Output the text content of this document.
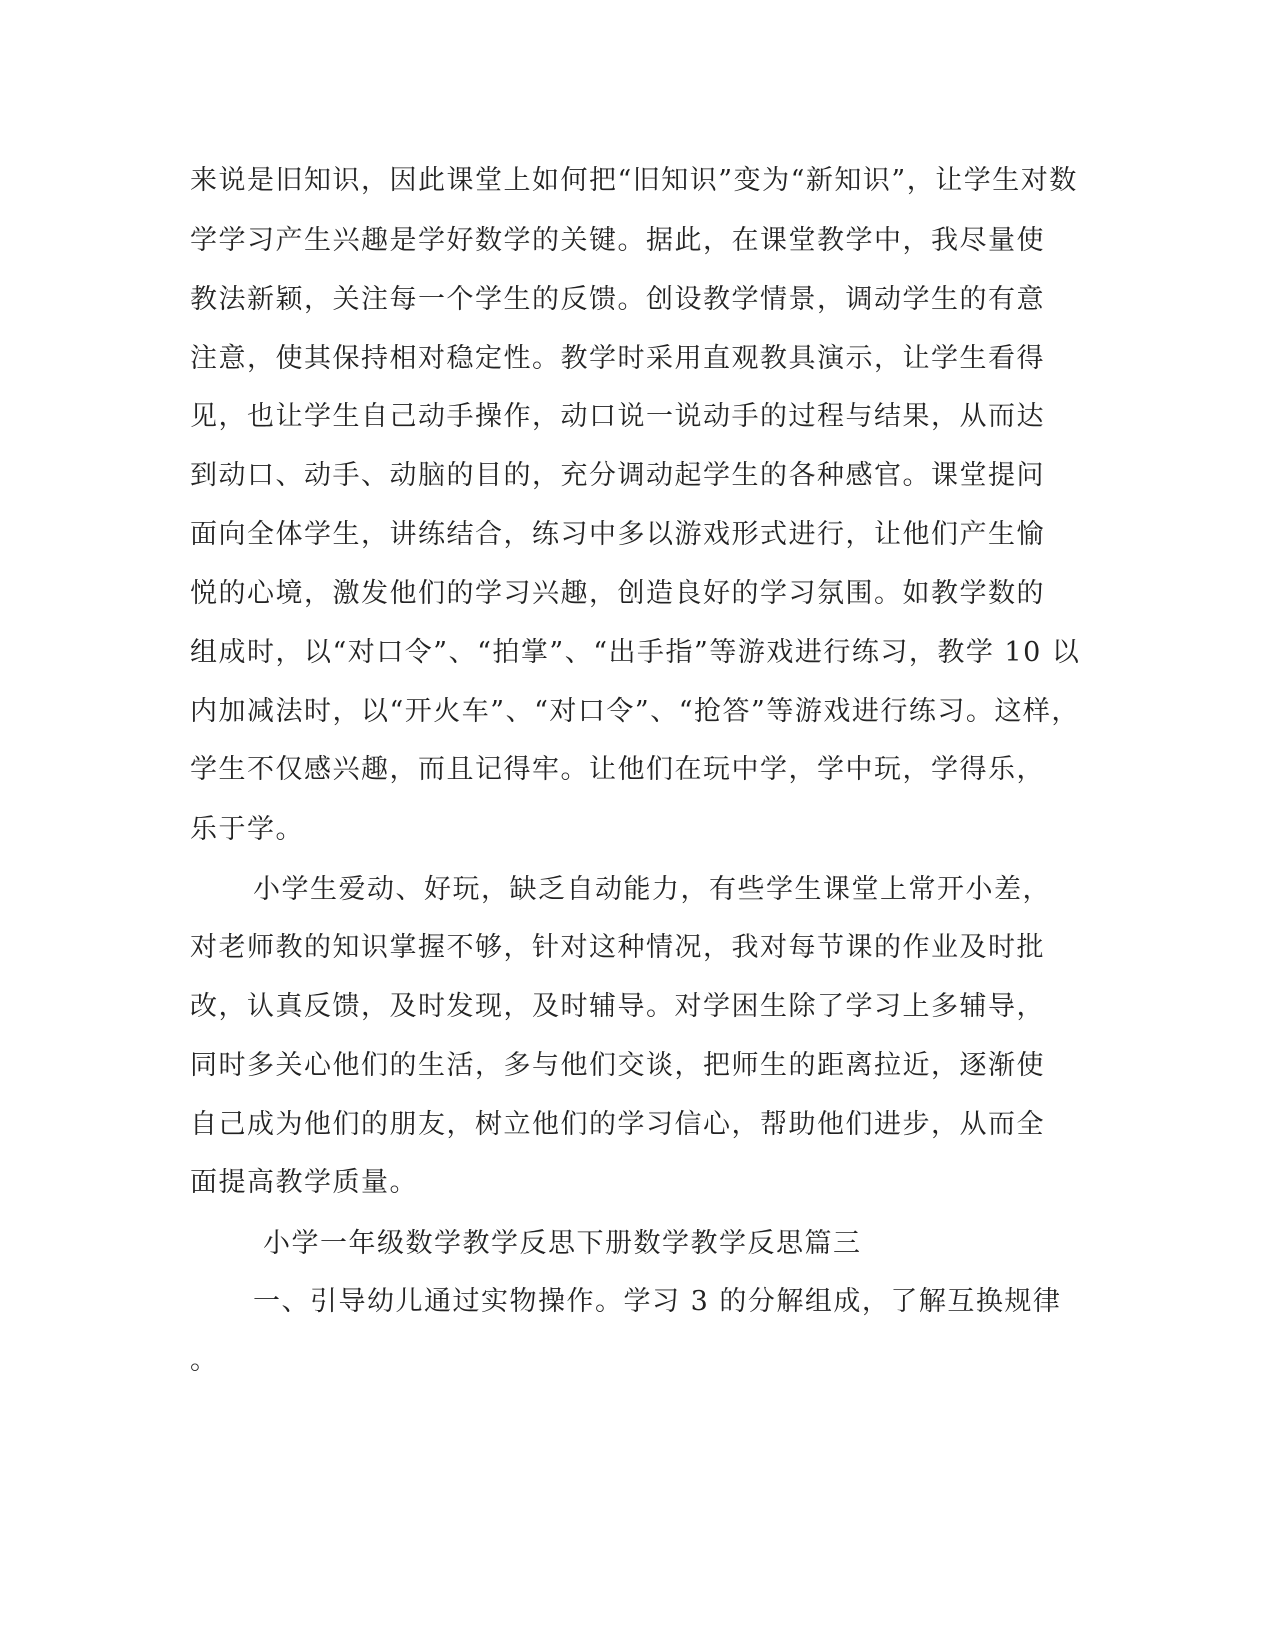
来说是旧知识，因此课堂上如何把“旧知识”变为“新知识”，让学生对数

学学习产生兴趣是学好数学的关键。据此，在课堂教学中，我尽量使

教法新颖，关注每一个学生的反馈。创设教学情景，调动学生的有意

注意，使其保持相对稳定性。教学时采用直观教具演示，让学生看得

见，也让学生自己动手操作，动口说一说动手的过程与结果，从而达

到动口、动手、动脑的目的，充分调动起学生的各种感官。课堂提问

面向全体学生，讲练结合，练习中多以游戏形式进行，让他们产生愉

悦的心境，激发他们的学习兴趣，创造良好的学习氛围。如教学数的

组成时，以“对口令”、“拍掌”、“出手指”等游戏进行练习，教学 10 以

内加减法时，以“开火车”、“对口令”、“抢答”等游戏进行练习。这样，

学生不仅感兴趣，而且记得牢。让他们在玩中学，学中玩，学得乐，

乐于学。

小学生爱动、好玩，缺乏自动能力，有些学生课堂上常开小差，

对老师教的知识掌握不够，针对这种情况，我对每节课的作业及时批

改，认真反馈，及时发现，及时辅导。对学困生除了学习上多辅导，

同时多关心他们的生活，多与他们交谈，把师生的距离拉近，逐渐使

自己成为他们的朋友，树立他们的学习信心，帮助他们进步，从而全

面提高教学质量。

小学一年级数学教学反思下册数学教学反思篇三

一、引导幼儿通过实物操作。学习 3 的分解组成，了解互换规律

。
